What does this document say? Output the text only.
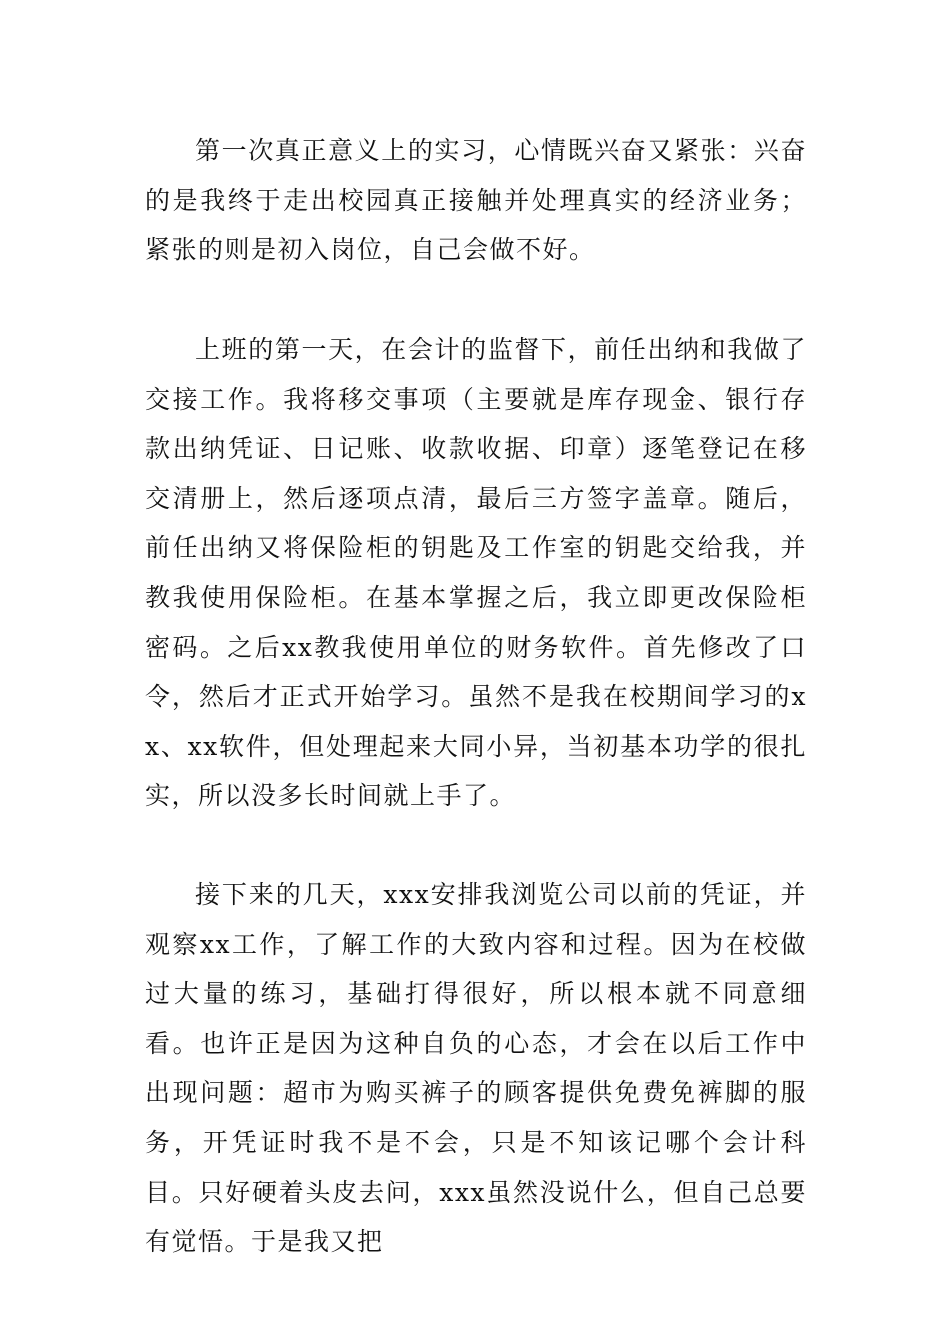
第一次真正意义上的实习，心情既兴奋又紧张：兴奋的是我终于走出校园真正接触并处理真实的经济业务；紧张的则是初入岗位，自己会做不好。

上班的第一天，在会计的监督下，前任出纳和我做了交接工作。我将移交事项（主要就是库存现金、银行存款出纳凭证、日记账、收款收据、印章）逐笔登记在移交清册上，然后逐项点清，最后三方签字盖章。随后，前任出纳又将保险柜的钥匙及工作室的钥匙交给我，并教我使用保险柜。在基本掌握之后，我立即更改保险柜密码。之后xx教我使用单位的财务软件。首先修改了口令，然后才正式开始学习。虽然不是我在校期间学习的xx、xx软件，但处理起来大同小异，当初基本功学的很扎实，所以没多长时间就上手了。

接下来的几天，xxx安排我浏览公司以前的凭证，并观察xx工作，了解工作的大致内容和过程。因为在校做过大量的练习，基础打得很好，所以根本就不同意细看。也许正是因为这种自负的心态，才会在以后工作中出现问题：超市为购买裤子的顾客提供免费免裤脚的服务，开凭证时我不是不会，只是不知该记哪个会计科目。只好硬着头皮去问，xxx虽然没说什么，但自己总要有觉悟。于是我又把
